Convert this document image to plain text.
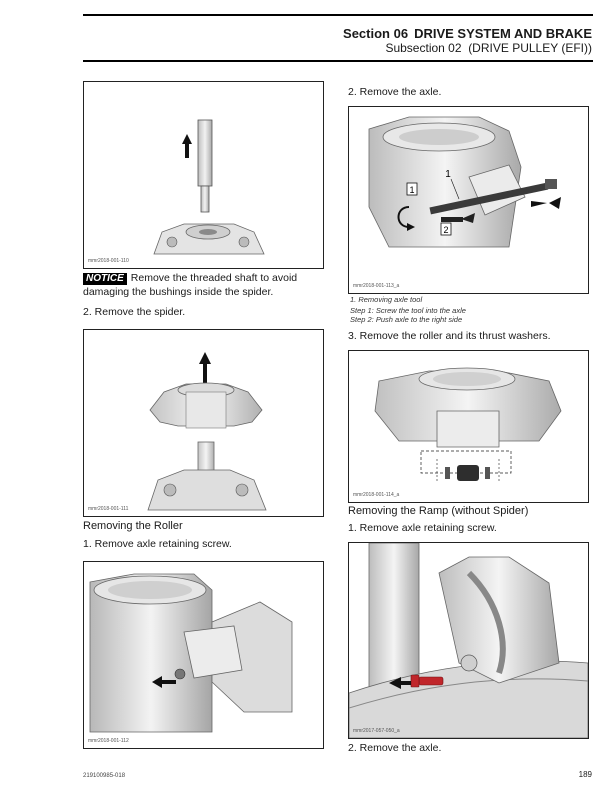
Section 06 DRIVE SYSTEM AND BRAKE
Subsection 02 (DRIVE PULLEY (EFI))
mmr2018-001-110
NOTICE Remove the threaded shaft to avoid
damaging the bushings inside the spider.
2. Remove the spider.
mmr2018-001-111
Removing the Roller
1. Remove axle retaining screw.
mmr2018-001-112
2. Remove the axle.
1
2
1
mmr2018-001-113_a
1. Removing axle tool
Step 1: Screw the tool into the axle
Step 2: Push axle to the right side
3. Remove the roller and its thrust washers.
mmr2018-001-114_a
Removing the Ramp (without Spider)
1. Remove axle retaining screw.
mmr2017-057-050_a
2. Remove the axle.
219100985-018	189
